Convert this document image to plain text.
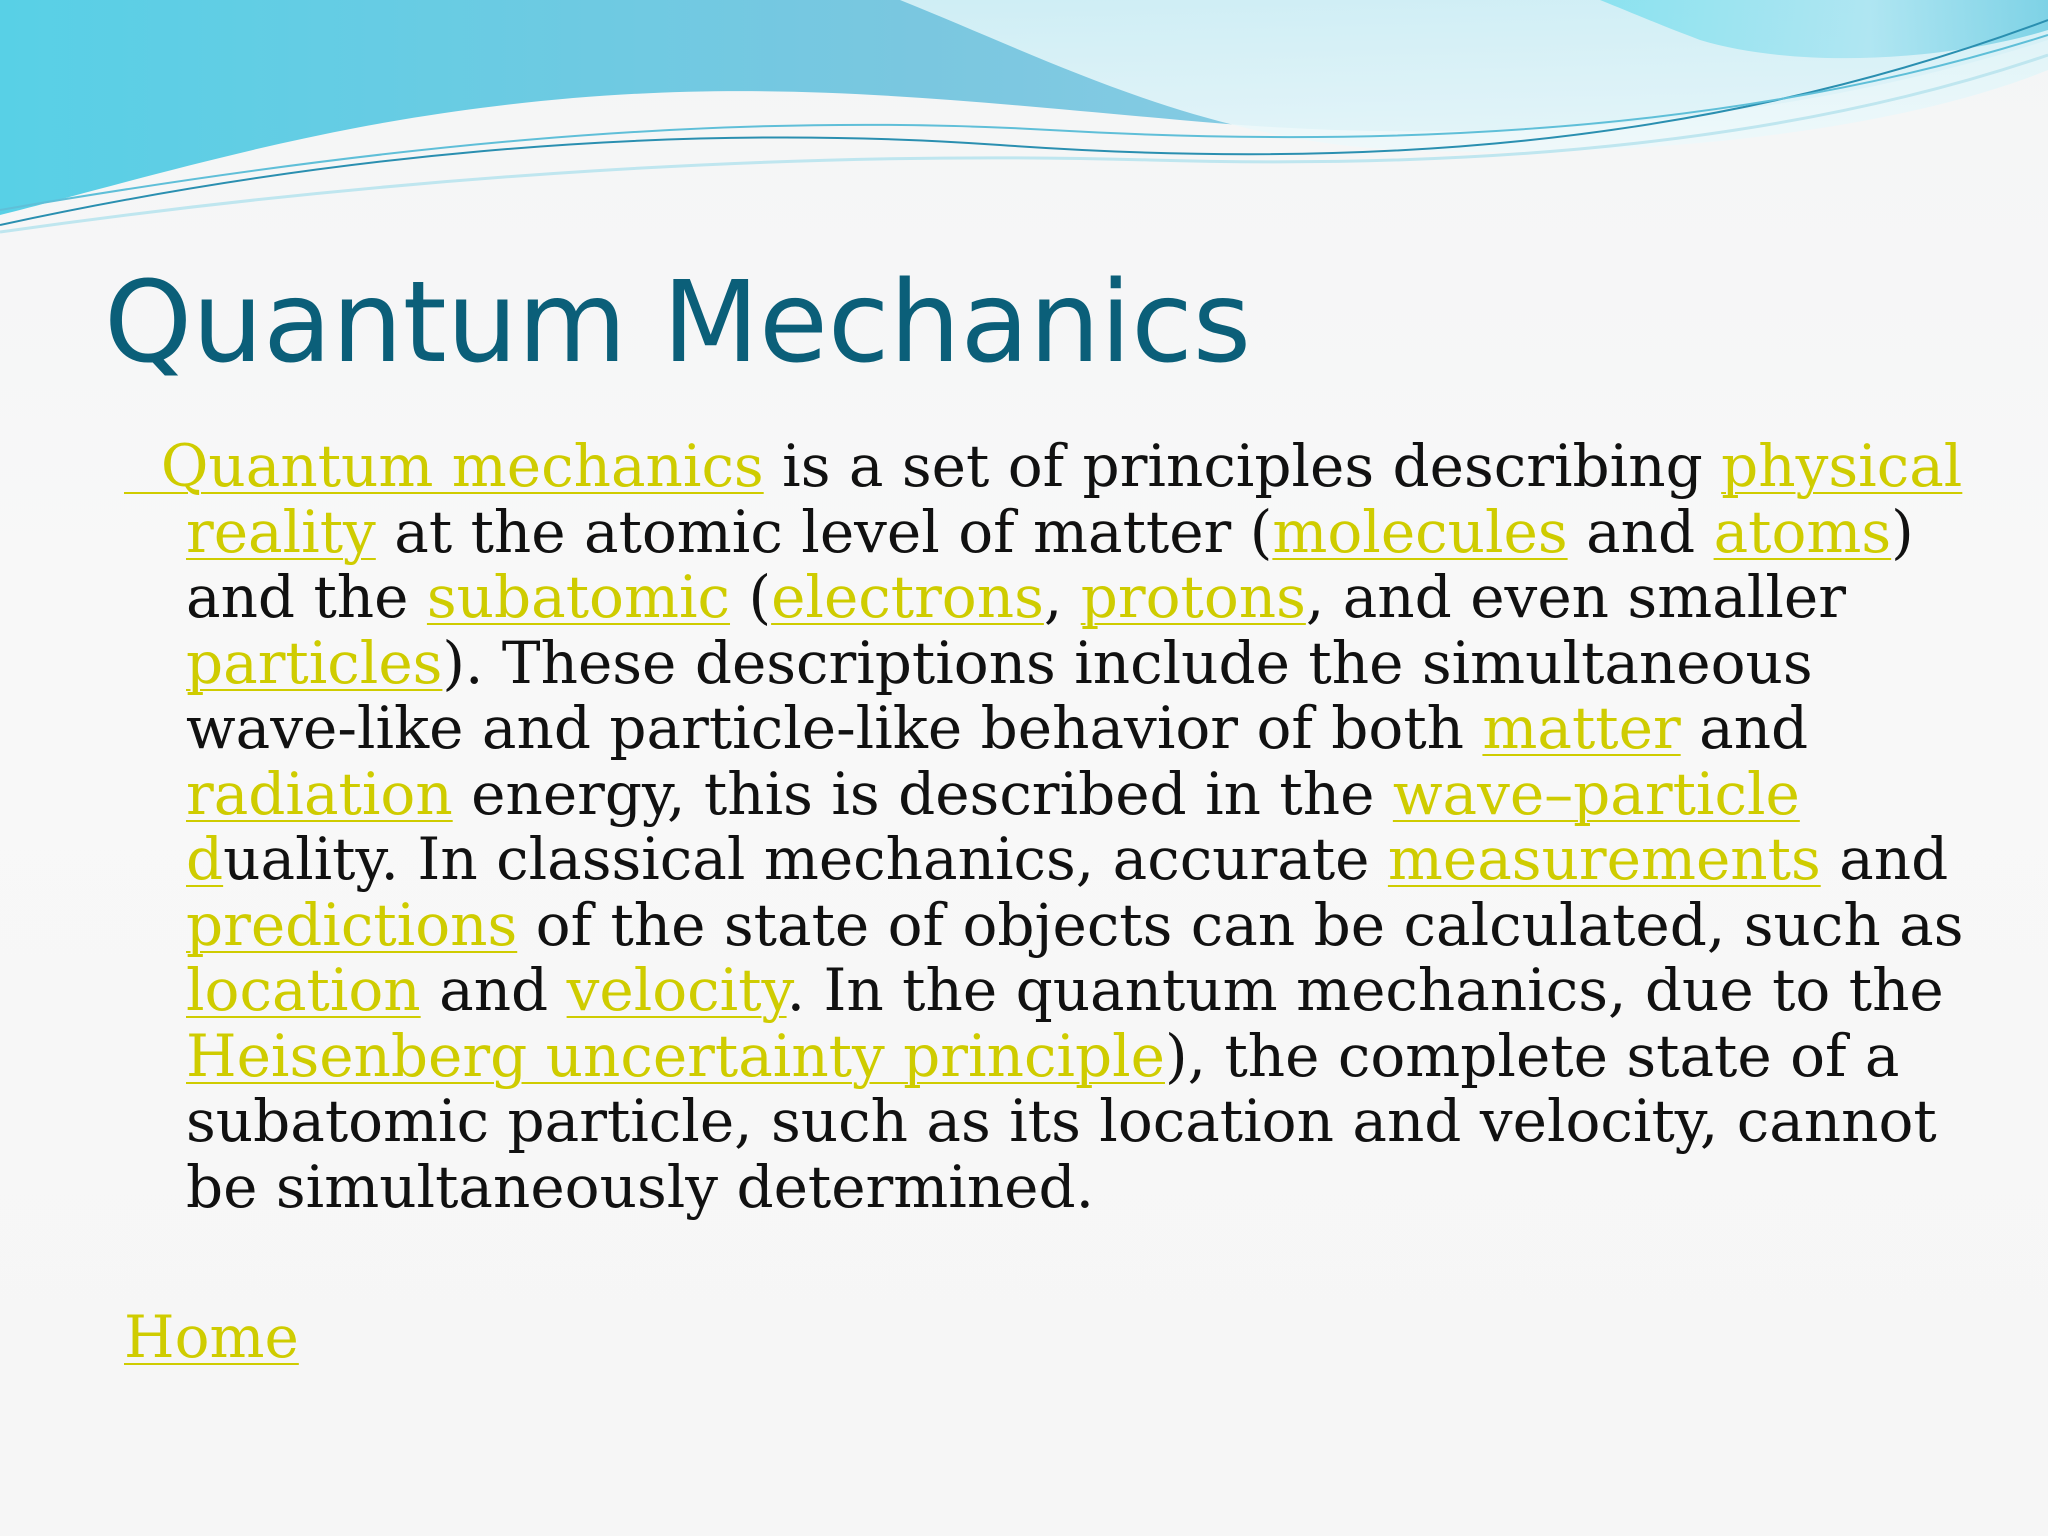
Quantum Mechanics

Quantum mechanics is a set of principles describing physical reality at the atomic level of matter (molecules and atoms) and the subatomic (electrons, protons, and even smaller particles). These descriptions include the simultaneous wave-like and particle-like behavior of both matter and radiation energy, this is described in the wave–particle duality. In classical mechanics, accurate measurements and predictions of the state of objects can be calculated, such as location and velocity. In the quantum mechanics, due to the Heisenberg uncertainty principle), the complete state of a subatomic particle, such as its location and velocity, cannot be simultaneously determined.

Home
